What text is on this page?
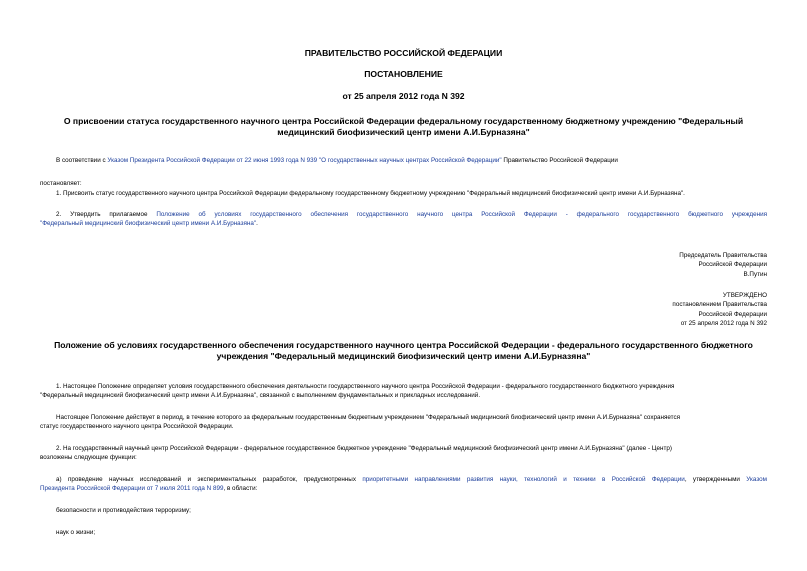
ПРАВИТЕЛЬСТВО РОССИЙСКОЙ ФЕДЕРАЦИИ
ПОСТАНОВЛЕНИЕ
от 25 апреля 2012 года N 392
О присвоении статуса государственного научного центра Российской Федерации федеральному государственному бюджетному учреждению "Федеральный
медицинский биофизический центр имени А.И.Бурназяна"
В соответствии с Указом Президента Российской Федерации от 22 июня 1993 года N 939 "О государственных научных центрах Российской Федерации" Правительство Российской Федерации
постановляет:
1. Присвоить статус государственного научного центра Российской Федерации федеральному государственному бюджетному учреждению "Федеральный медицинский биофизический центр имени А.И.Бурназяна".
2. Утвердить прилагаемое Положение об условиях государственного обеспечения государственного научного центра Российской Федерации - федерального государственного бюджетного учреждения
"Федеральный медицинский биофизический центр имени А.И.Бурназяна".
Председатель Правительства
Российской Федерации
В.Путин
УТВЕРЖДЕНО
постановлением Правительства
Российской Федерации
от 25 апреля 2012 года N 392
Положение об условиях государственного обеспечения государственного научного центра Российской Федерации - федерального государственного бюджетного
учреждения "Федеральный медицинский биофизический центр имени А.И.Бурназяна"
1. Настоящее Положение определяет условия государственного обеспечения деятельности государственного научного центра Российской Федерации - федерального государственного бюджетного учреждения
"Федеральный медицинский биофизический центр имени А.И.Бурназяна", связанной с выполнением фундаментальных и прикладных исследований.
Настоящее Положение действует в период, в течение которого за федеральным государственным бюджетным учреждением "Федеральный медицинский биофизический центр имени А.И.Бурназяна" сохраняется
статус государственного научного центра Российской Федерации.
2. На государственный научный центр Российской Федерации - федеральное государственное бюджетное учреждение "Федеральный медицинский биофизический центр имени А.И.Бурназяна" (далее - Центр)
возложены следующие функции:
а) проведение научных исследований и экспериментальных разработок, предусмотренных приоритетными направлениями развития науки, технологий и техники в Российской Федерации, утвержденными Указом
Президента Российской Федерации от 7 июля 2011 года N 899, в области:
безопасности и противодействия терроризму;
наук о жизни;
